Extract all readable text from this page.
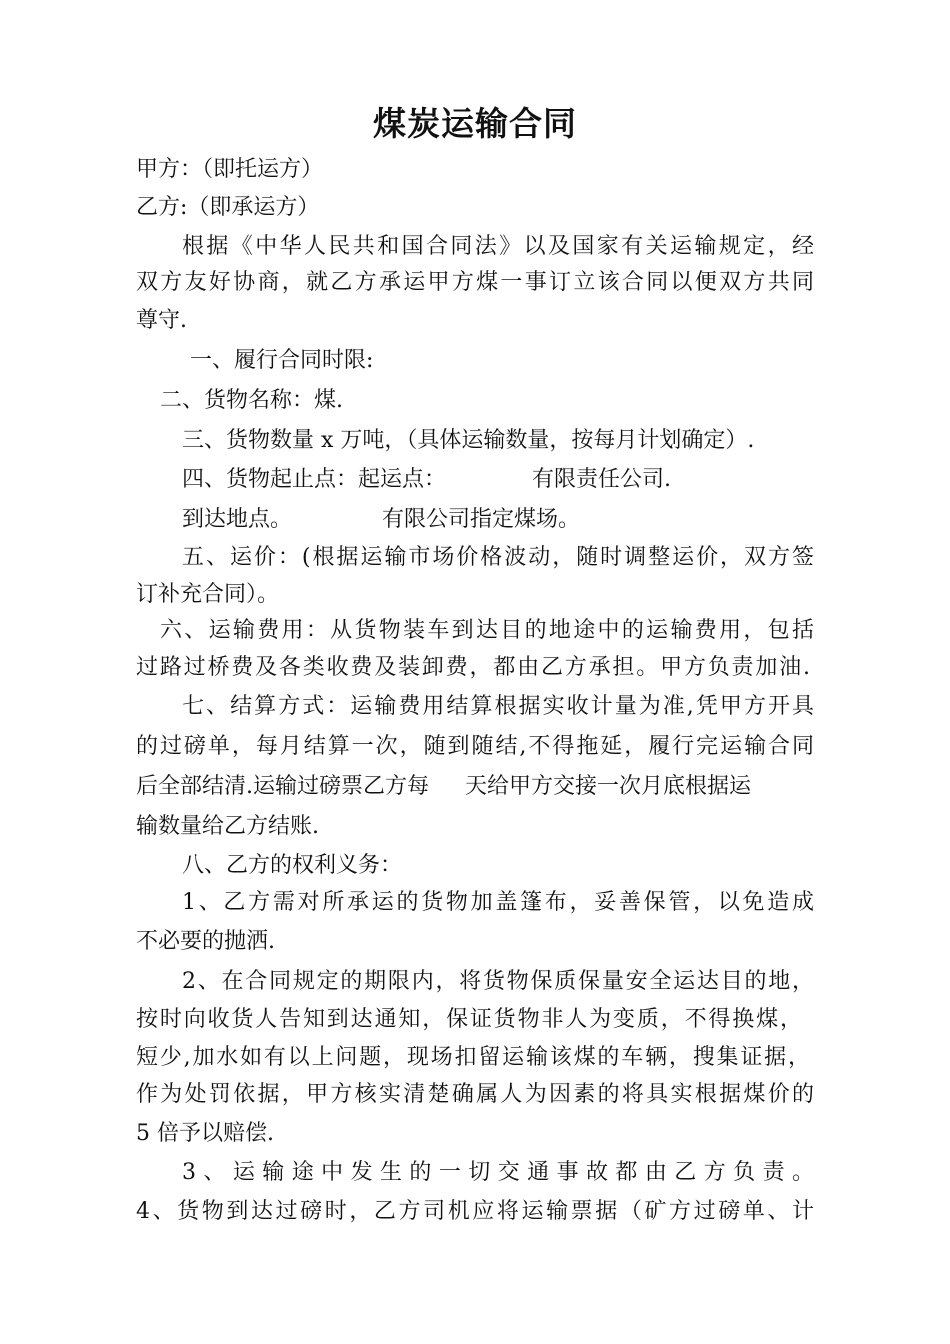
煤炭运输合同
甲方：（即托运方）
乙方:（即承运方）
根据《中华人民共和国合同法》以及国家有关运输规定，经
双方友好协商，就乙方承运甲方煤一事订立该合同以便双方共同
尊守.
一、履行合同时限:
二、货物名称：煤.
三、货物数量 x 万吨，（具体运输数量，按每月计划确定）.
四、货物起止点：起运点：	有限责任公司.
到达地点。	有限公司指定煤场。
五、运价：(根据运输市场价格波动，随时调整运价，双方签
订补充合同）。
六、运输费用：从货物装车到达目的地途中的运输费用，包括
过路过桥费及各类收费及装卸费，都由乙方承担。甲方负责加油.
七、结算方式：运输费用结算根据实收计量为准,凭甲方开具
的过磅单，每月结算一次，随到随结,不得拖延，履行完运输合同
后全部结清.运输过磅票乙方每 天给甲方交接一次月底根据运
输数量给乙方结账.
八、乙方的权利义务：
1、乙方需对所承运的货物加盖篷布，妥善保管，以免造成
不必要的抛洒.
2、在合同规定的期限内，将货物保质保量安全运达目的地，
按时向收货人告知到达通知，保证货物非人为变质，不得换煤，
短少,加水如有以上问题，现场扣留运输该煤的车辆，搜集证据，
作为处罚依据，甲方核实清楚确属人为因素的将具实根据煤价的
5 倍予以赔偿.
3、运输途中发生的一切交通事故都由乙方负责。
4、货物到达过磅时，乙方司机应将运输票据（矿方过磅单、计
